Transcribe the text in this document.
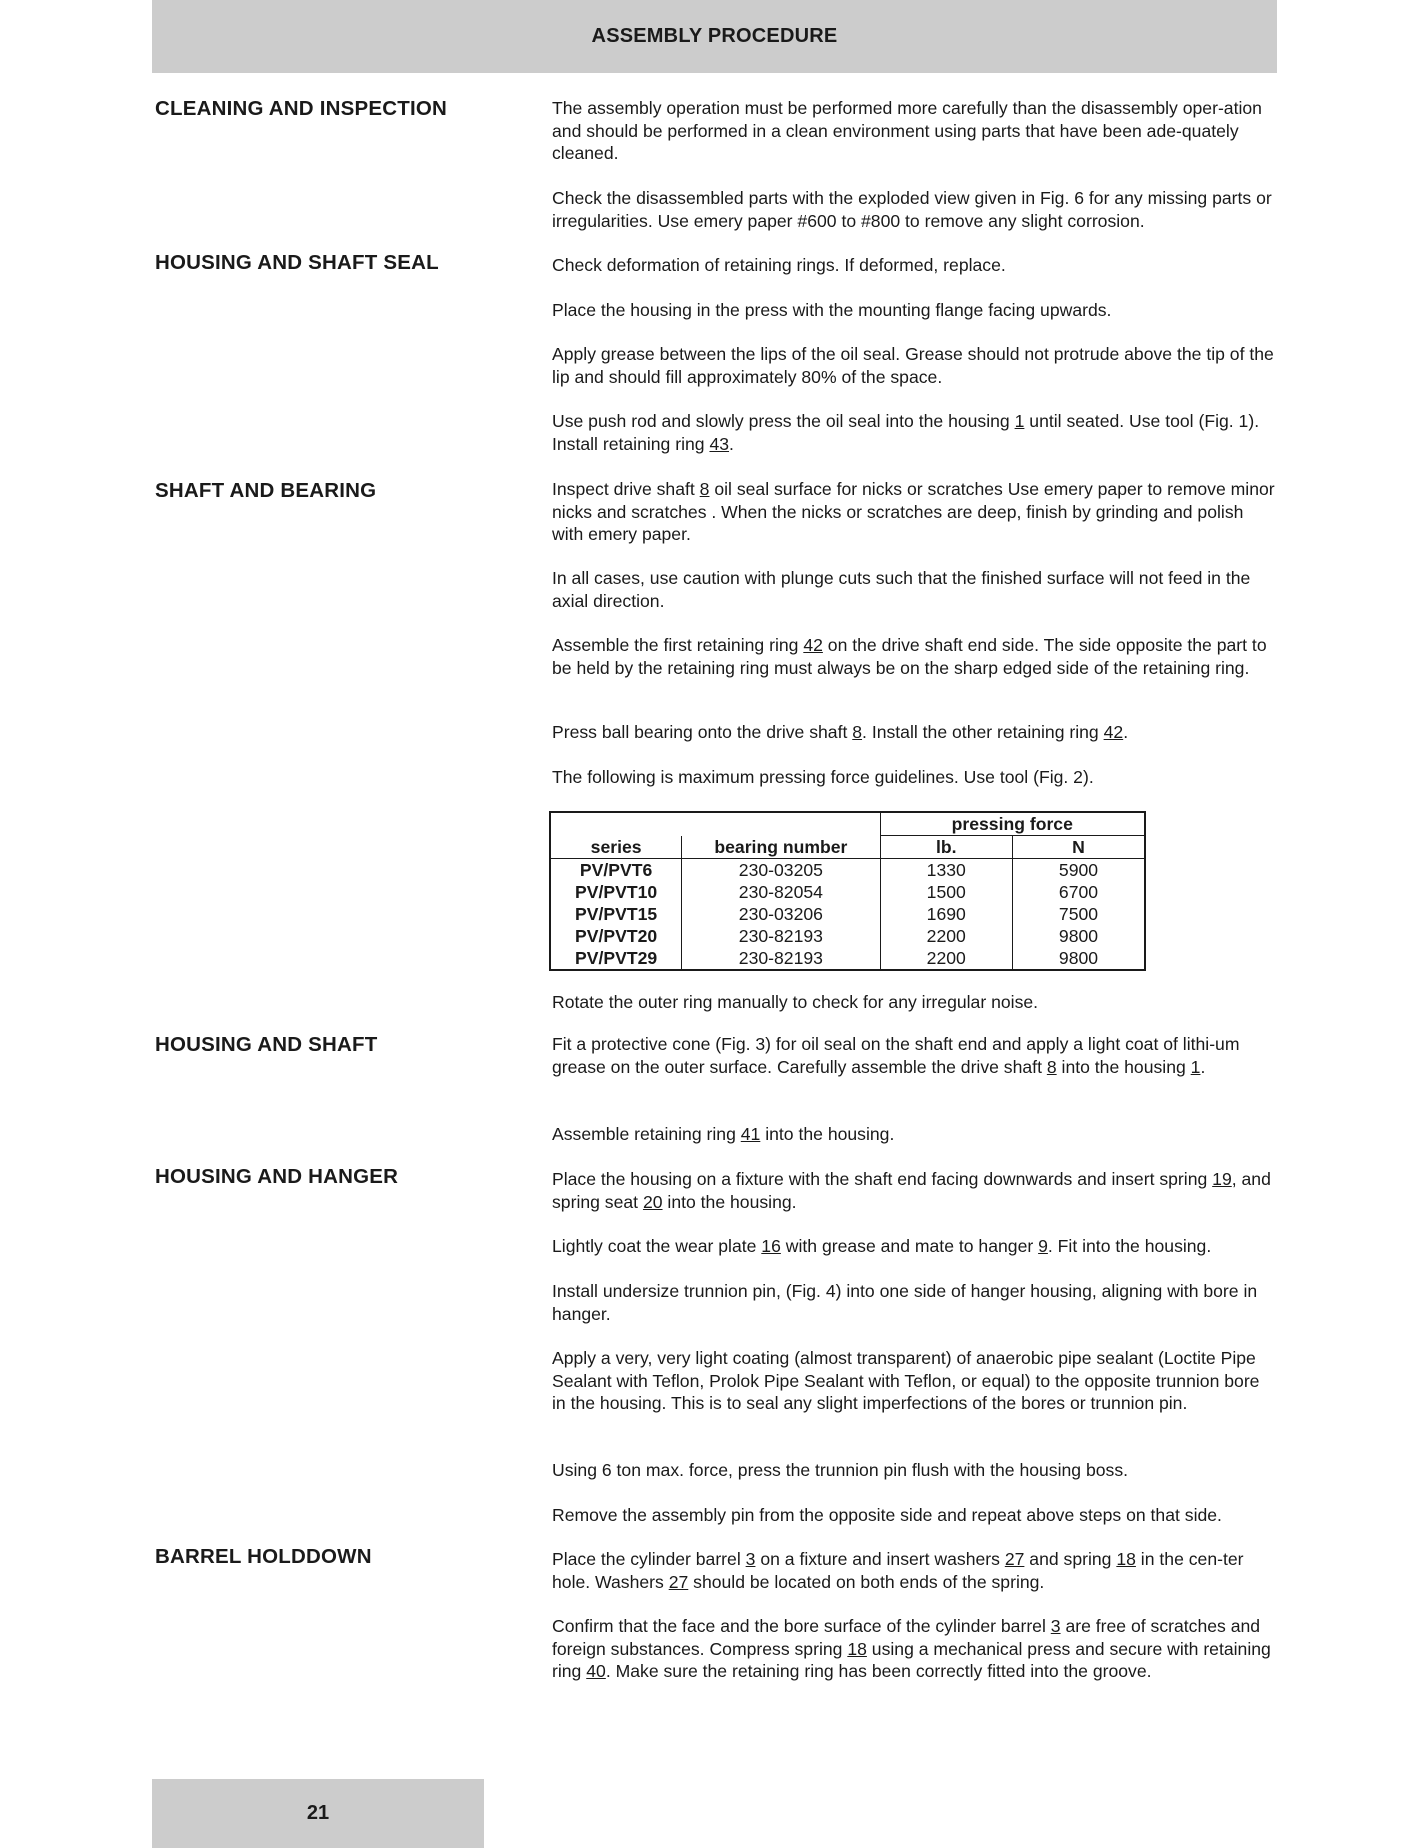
ASSEMBLY PROCEDURE
CLEANING AND INSPECTION
HOUSING AND SHAFT SEAL
SHAFT AND BEARING
HOUSING AND SHAFT
HOUSING AND HANGER
BARREL HOLDDOWN
The assembly operation must be performed more carefully than the disassembly oper-ation and should be performed in a clean environment using parts that have been ade-quately cleaned.
Check the disassembled parts with the exploded view given in Fig. 6 for any missing parts or irregularities. Use emery paper #600 to #800 to remove any slight corrosion.
Check deformation of retaining rings. If deformed, replace.
Place the housing in the press with the mounting flange facing upwards.
Apply grease between the lips of the oil seal. Grease should not protrude above the tip of the lip and should fill approximately 80% of the space.
Use push rod and slowly press the oil seal into the housing 1 until seated. Use tool (Fig. 1). Install retaining ring 43.
Inspect drive shaft 8 oil seal surface for nicks or scratches Use emery paper to remove minor nicks and scratches . When the nicks or scratches are deep, finish by grinding and polish with emery paper.
In all cases, use caution with plunge cuts such that the finished surface will not feed in the axial direction.
Assemble the first retaining ring 42 on the drive shaft end side. The side opposite the part to be held by the retaining ring must always be on the sharp edged side of the retaining ring.
Press ball bearing onto the drive shaft 8. Install the other retaining ring 42.
The following is maximum pressing force guidelines. Use tool (Fig. 2).
		pressing force	
series	bearing number	lb.	N
PV/PVT6	230-03205	1330	5900
PV/PVT10	230-82054	1500	6700
PV/PVT15	230-03206	1690	7500
PV/PVT20	230-82193	2200	9800
PV/PVT29	230-82193	2200	9800
Rotate the outer ring manually to check for any irregular noise.
Fit a protective cone (Fig. 3) for oil seal on the shaft end and apply a light coat of lithi-um grease on the outer surface. Carefully assemble the drive shaft 8 into the housing 1.
Assemble retaining ring 41 into the housing.
Place the housing on a fixture with the shaft end facing downwards and insert spring 19, and spring seat 20 into the housing.
Lightly coat the wear plate 16 with grease and mate to hanger 9. Fit into the housing.
Install undersize trunnion pin, (Fig. 4) into one side of hanger housing, aligning with bore in hanger.
Apply a very, very light coating (almost transparent) of anaerobic pipe sealant (Loctite Pipe Sealant with Teflon, Prolok Pipe Sealant with Teflon, or equal) to the opposite trunnion bore in the housing. This is to seal any slight imperfections of the bores or trunnion pin.
Using 6 ton max. force, press the trunnion pin flush with the housing boss.
Remove the assembly pin from the opposite side and repeat above steps on that side.
Place the cylinder barrel 3 on a fixture and insert washers 27 and spring 18 in the cen-ter hole. Washers 27 should be located on both ends of the spring.
Confirm that the face and the bore surface of the cylinder barrel 3 are free of scratches and foreign substances. Compress spring 18 using a mechanical press and secure with retaining ring 40. Make sure the retaining ring has been correctly fitted into the groove.
21
